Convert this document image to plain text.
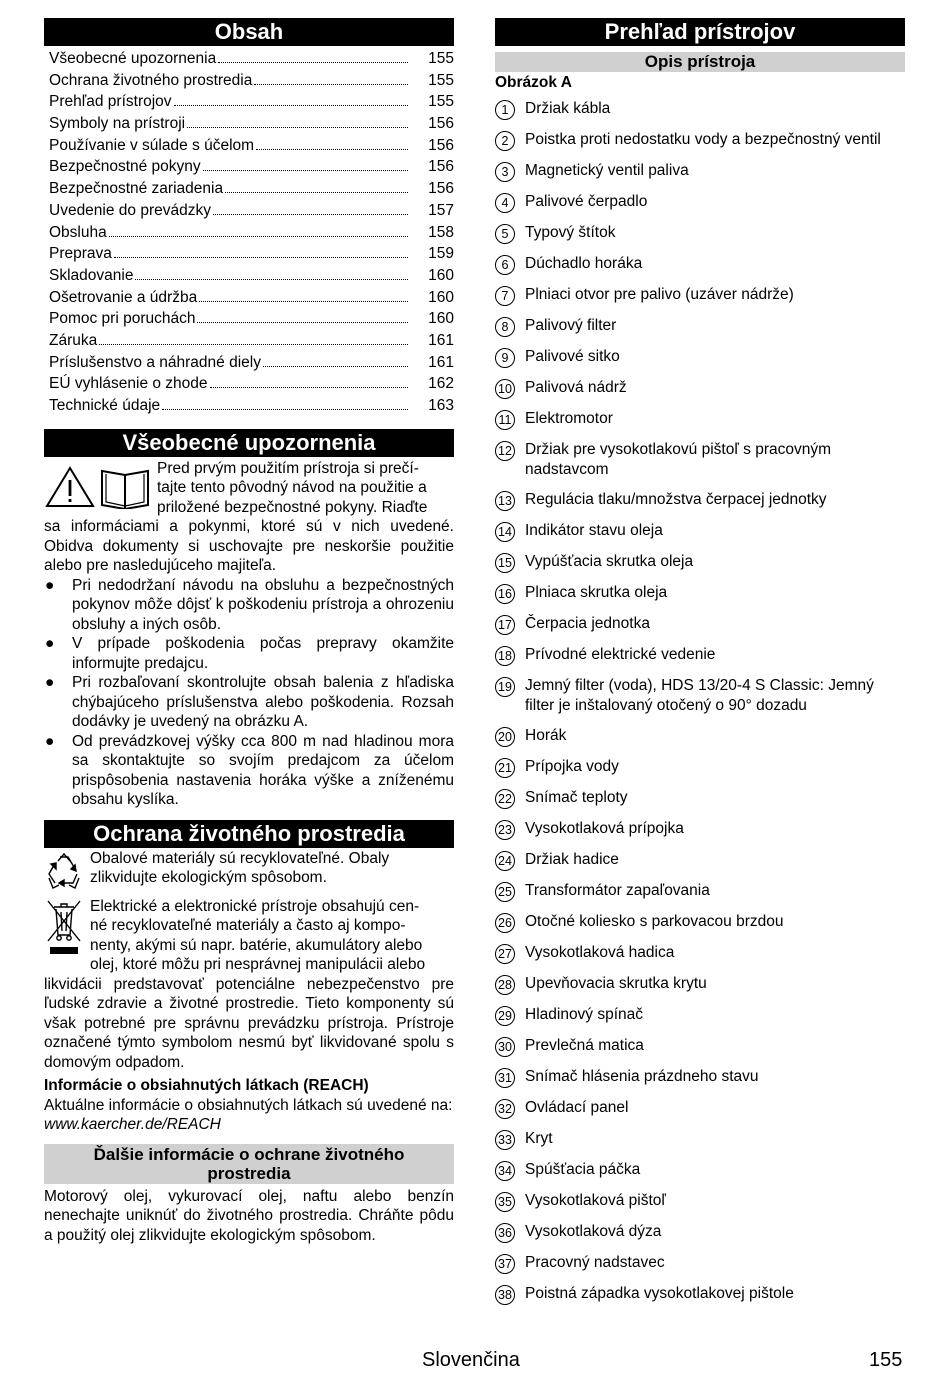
Obsah
Všeobecné upozornenia	155
Ochrana životného prostredia	155
Prehľad prístrojov	155
Symboly na prístroji	156
Používanie v súlade s účelom	156
Bezpečnostné pokyny	156
Bezpečnostné zariadenia	156
Uvedenie do prevádzky	157
Obsluha	158
Preprava	159
Skladovanie	160
Ošetrovanie a údržba	160
Pomoc pri poruchách	160
Záruka	161
Príslušenstvo a náhradné diely	161
EÚ vyhlásenie o zhode	162
Technické údaje	163
Všeobecné upozornenia
Pred prvým použitím prístroja si prečí-
tajte tento pôvodný návod na použitie a
priložené bezpečnostné pokyny. Riaďte

sa informáciami a pokynmi, ktoré sú v nich uvedené. Obidva dokumenty si uschovajte pre neskoršie použitie alebo pre nasledujúceho majiteľa.

●	Pri nedodržaní návodu na obsluhu a bezpečnostných pokynov môže dôjsť k poškodeniu prístroja a ohrozeniu obsluhy a iných osôb.
●	V prípade poškodenia počas prepravy okamžite informujte predajcu.
●	Pri rozbaľovaní skontrolujte obsah balenia z hľadiska chýbajúceho príslušenstva alebo poškodenia. Rozsah dodávky je uvedený na obrázku A.
●	Od prevádzkovej výšky cca 800 m nad hladinou mora sa skontaktujte so svojím predajcom za účelom prispôsobenia nastavenia horáka výške a zníženému obsahu kyslíka.
Ochrana životného prostredia

Obalové materiály sú recyklovateľné. Obaly zlikvidujte ekologickým spôsobom.

Elektrické a elektronické prístroje obsahujú cen-
né recyklovateľné materiály a často aj kompo-
nenty, akými sú napr. batérie, akumulátory alebo
olej, ktoré môžu pri nesprávnej manipulácii alebo

likvidácii predstavovať potenciálne nebezpečenstvo pre ľudské zdravie a životné prostredie. Tieto komponenty sú však potrebné pre správnu prevádzku prístroja. Prístroje označené týmto symbolom nesmú byť likvidované spolu s domovým odpadom.

Informácie o obsiahnutých látkach (REACH)

Aktuálne informácie o obsiahnutých látkach sú uvedené na: www.kaercher.de/REACH

Ďalšie informácie o ochrane životného
prostredia

Motorový olej, vykurovací olej, naftu alebo benzín nenechajte uniknúť do životného prostredia. Chráňte pôdu a použitý olej zlikvidujte ekologickým spôsobom.

Prehľad prístrojov
Opis prístroja
Obrázok A
1	Držiak kábla
2	Poistka proti nedostatku vody a bezpečnostný ventil
3	Magnetický ventil paliva
4	Palivové čerpadlo
5	Typový štítok
6	Dúchadlo horáka
7	Plniaci otvor pre palivo (uzáver nádrže)
8	Palivový filter
9	Palivové sitko
10 Palivová nádrž
11 Elektromotor
12 Držiak pre vysokotlakovú pištoľ s pracovným nadstavcom
13 Regulácia tlaku/množstva čerpacej jednotky
14 Indikátor stavu oleja
15 Vypúšťacia skrutka oleja
16 Plniaca skrutka oleja
17 Čerpacia jednotka
18 Prívodné elektrické vedenie
19 Jemný filter (voda), HDS 13/20-4 S Classic: Jemný filter je inštalovaný otočený o 90° dozadu
20 Horák
21 Prípojka vody
22 Snímač teploty
23 Vysokotlaková prípojka
24 Držiak hadice
25 Transformátor zapaľovania
26 Otočné koliesko s parkovacou brzdou
27 Vysokotlaková hadica
28 Upevňovacia skrutka krytu
29 Hladinový spínač
30 Prevlečná matica
31 Snímač hlásenia prázdneho stavu
32 Ovládací panel
33 Kryt
34 Spúšťacia páčka
35 Vysokotlaková pištoľ
36 Vysokotlaková dýza
37 Pracovný nadstavec
38 Poistná západka vysokotlakovej pištole
Slovenčina	155
